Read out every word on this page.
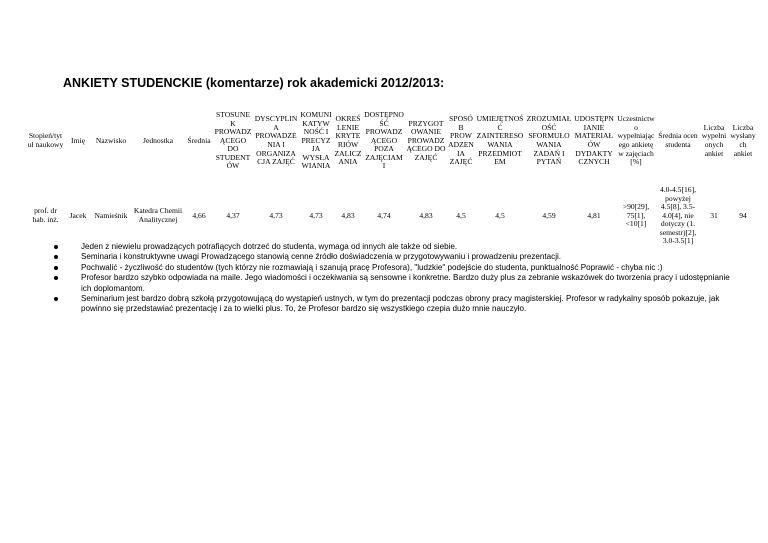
ANKIETY STUDENCKIE (komentarze) rok akademicki 2012/2013:
Stopień/tytuł naukowy	Imię	Nazwisko	Jednostka	Średnia	STOSUNEK PROWADZĄCEGO DO STUDENTÓW	DYSCYPLINA PROWADZENIA I ORGANIZACJA ZAJĘĆ	KOMUNIKATYWNOŚĆ I PRECYZJA WYSŁAWIANIA	OKREŚLENIE KRYTERIÓW ZALICZANIA	DOSTĘPNOŚĆ PROWADZĄCEGO POZA ZAJĘCIAMI	PRZYGOTOWANIE PROWADZĄCEGO DO ZAJĘĆ	SPOSÓB PROWADZENIA ZAJĘĆ	UMIEJĘTNOŚĆ ZAINTERESOWANIA PRZEDMIOTEM	ZROZUMIAŁOŚĆ SFORMUŁOWANIA ZADAŃ I PYTAŃ	UDOSTĘPNIANIE MATERIAŁÓW DYDAKTYCZNYCH	Uczestnictwo wypełniającego ankietę w zajęciach [%]	Średnia ocen studenta	Liczba wypełnionych ankiet	Liczba wysłanych ankiet
prof. dr hab. inż.	Jacek	Namieśnik	Katedra Chemii Analitycznej	4,66	4,37	4,73	4,73	4,83	4,74	4,83	4,5	4,5	4,59	4,81	>90[29], 75[1], <10[1]	4.0-4.5[16], powyżej 4.5[8], 3.5-4.0[4], nie dotyczy (1. semestr)[2], 3.0-3.5[1]	31	94
Jeden z niewielu prowadzących potrafiących dotrzeć do studenta, wymaga od innych ale także od siebie.
Seminaria i konstruktywne uwagi Prowadzącego stanowią cenne źródło doświadczenia w przygotowywaniu i prowadzeniu prezentacji.
Pochwalić - życzliwość do studentów (tych którzy nie rozmawiają i szanują pracę Profesora), "ludzkie" podejście do studenta, punktualność Poprawić - chyba nic :)
Profesor bardzo szybko odpowiada na maile. Jego wiadomości i oczekiwania są sensowne i konkretne. Bardzo duży plus za zebranie wskazówek do tworzenia pracy i udostępnianie ich doplomantom.
Seminarium jest bardzo dobrą szkołą przygotowującą do wystąpień ustnych, w tym do prezentacji podczas obrony pracy magisterskiej. Profesor w radykalny sposób pokazuje, jak powinno się przedstawiać prezentację i za to wielki plus. To, że Profesor bardzo się wszystkiego czepia dużo mnie nauczyło.
